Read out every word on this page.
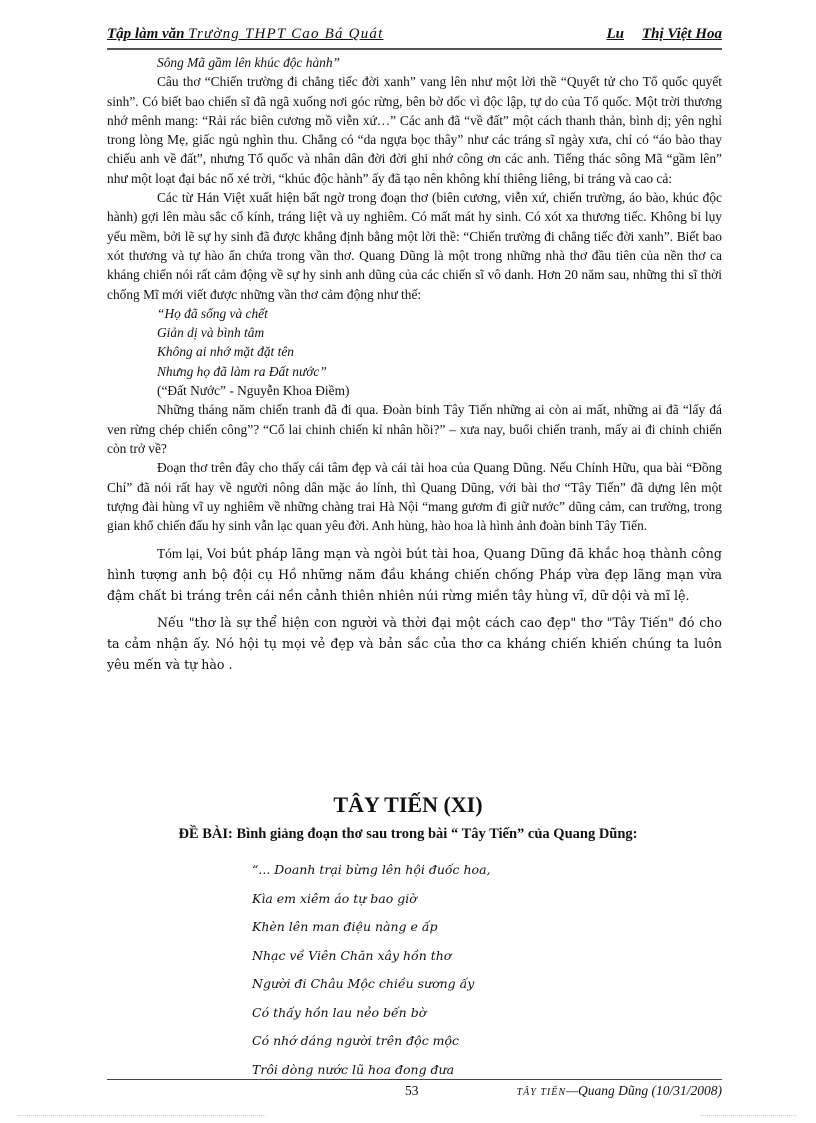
Tập làm văn Trường THPT Cao Bá Quát	Lu Thị Việt Hoa

Sông Mã gầm lên khúc độc hành”

Câu thơ “Chiến trường đi chẳng tiếc đời xanh” vang lên như một lời thề “Quyết tử cho Tổ quốc quyết sinh”. Có biết bao chiến sĩ đã ngã xuống nơi góc rừng, bên bờ dốc vì độc lập, tự do của Tổ quốc. Một trời thương nhớ mênh mang: “Rải rác biên cương mồ viễn xứ…” Các anh đã “về đất” một cách thanh thản, bình dị; yên nghỉ trong lòng Mẹ, giấc ngủ nghìn thu. Chẳng có “da ngựa bọc thây” như các tráng sĩ ngày xưa, chỉ có “áo bào thay chiếu anh về đất”, nhưng Tổ quốc và nhân dân đời đời ghi nhớ công ơn các anh. Tiếng thác sông Mã “gầm lên” như một loạt đại bác nổ xé trời, “khúc độc hành” ấy đã tạo nên không khí thiêng liêng, bi tráng và cao cả:

Các từ Hán Việt xuất hiện bất ngờ trong đoạn thơ (biên cương, viễn xứ, chiến trường, áo bào, khúc độc hành) gợi lên màu sắc cổ kính, tráng liệt và uy nghiêm. Có mất mát hy sinh. Có xót xa thương tiếc. Không bi lụy yếu mềm, bởi lẽ sự hy sinh đã được khẳng định bằng một lời thề: “Chiến trường đi chẳng tiếc đời xanh”. Biết bao xót thương và tự hào ẩn chứa trong vần thơ. Quang Dũng là một trong những nhà thơ đầu tiên của nền thơ ca kháng chiến nói rất cảm động về sự hy sinh anh dũng của các chiến sĩ vô danh. Hơn 20 năm sau, những thi sĩ thời chống Mĩ mới viết được những vần thơ cảm động như thế:

“Họ đã sống và chết

Giản dị và bình tâm

Không ai nhớ mặt đặt tên

Nhưng họ đã làm ra Đất nước”

(“Đất Nước” - Nguyễn Khoa Điềm)

Những tháng năm chiến tranh đã đi qua. Đoàn binh Tây Tiến những ai còn ai mất, những ai đã “lấy đá ven rừng chép chiến công”? “Cổ lai chinh chiến kỉ nhân hồi?” – xưa nay, buổi chiến tranh, mấy ai đi chinh chiến còn trở về?

Đoạn thơ trên đây cho thấy cái tâm đẹp và cái tài hoa của Quang Dũng. Nếu Chính Hữu, qua bài “Đồng Chí” đã nói rất hay về người nông dân mặc áo lính, thì Quang Dũng, với bài thơ “Tây Tiến” đã dựng lên một tượng đài hùng vĩ uy nghiêm về những chàng trai Hà Nội “mang gươm đi giữ nước” dũng cảm, can trường, trong gian khổ chiến đấu hy sinh vẫn lạc quan yêu đời. Anh hùng, hào hoa là hình ảnh đoàn binh Tây Tiến.

Tóm lại, Voi bút pháp lãng mạn và ngòi bút tài hoa, Quang Dũng đã khắc hoạ thành công hình tượng anh bộ đội cụ Hồ những năm đầu kháng chiến chống Pháp vừa đẹp lãng mạn vừa đậm chất bi tráng trên cái nền cảnh thiên nhiên núi rừng miền tây hùng vĩ, dữ dội và mĩ lệ.

Nếu "thơ là sự thể hiện con người và thời đại một cách cao đẹp" thơ "Tây Tiến" đó cho ta cảm nhận ấy. Nó hội tụ mọi vẻ đẹp và bản sắc của thơ ca kháng chiến khiến chúng ta luôn yêu mến và tự hào .

TÂY TIẾN (XI)
ĐỀ BÀI: Bình giảng đoạn thơ sau trong bài “ Tây Tiến” của Quang Dũng:
“... Doanh trại bừng lên hội đuốc hoa,
Kìa em xiêm áo tự bao giờ
Khèn lên man điệu nàng e ấp
Nhạc về Viên Chăn xây hồn thơ
Người đi Châu Mộc chiều sương ấy
Có thấy hồn lau nẻo bến bờ
Có nhớ dáng người trên độc mộc
Trôi dòng nước lũ hoa đong đưa
53	TÂY TIẾN—Quang Dũng (10/31/2008)
